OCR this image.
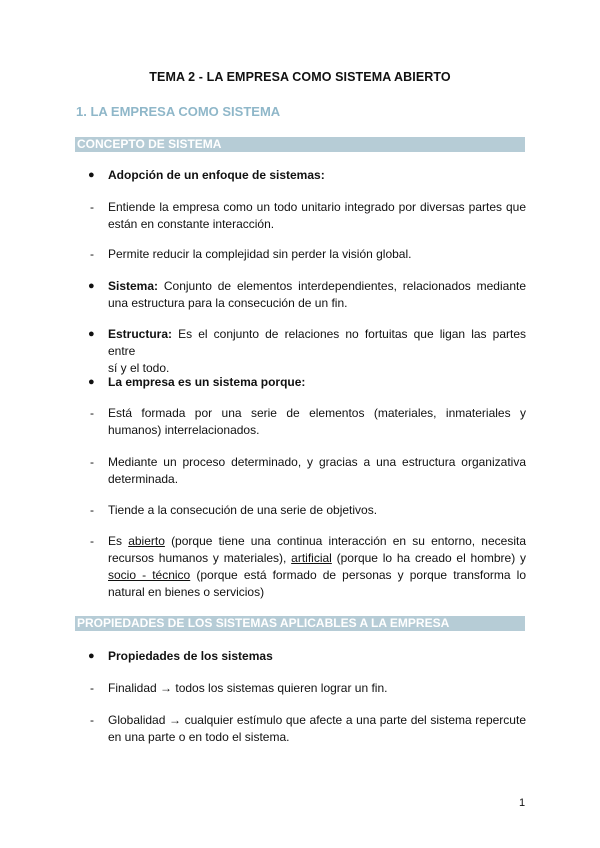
TEMA 2 - LA EMPRESA COMO SISTEMA ABIERTO
1. LA EMPRESA COMO SISTEMA
CONCEPTO DE SISTEMA
● Adopción de un enfoque de sistemas:
- Entiende la empresa como un todo unitario integrado por diversas partes que
están en constante interacción.
- Permite reducir la complejidad sin perder la visión global.
● Sistema: Conjunto de elementos interdependientes, relacionados mediante
una estructura para la consecución de un fin.
● Estructura: Es el conjunto de relaciones no fortuitas que ligan las partes entre
sí y el todo.
● La empresa es un sistema porque:
- Está formada por una serie de elementos (materiales, inmateriales y
humanos) interrelacionados.
- Mediante un proceso determinado, y gracias a una estructura organizativa
determinada.
- Tiende a la consecución de una serie de objetivos.
- Es abierto (porque tiene una continua interacción en su entorno, necesita
recursos humanos y materiales), artificial (porque lo ha creado el hombre) y
socio - técnico (porque está formado de personas y porque transforma lo
natural en bienes o servicios)
PROPIEDADES DE LOS SISTEMAS APLICABLES A LA EMPRESA
● Propiedades de los sistemas
- Finalidad → todos los sistemas quieren lograr un fin.
- Globalidad → cualquier estímulo que afecte a una parte del sistema repercute
en una parte o en todo el sistema.
1
